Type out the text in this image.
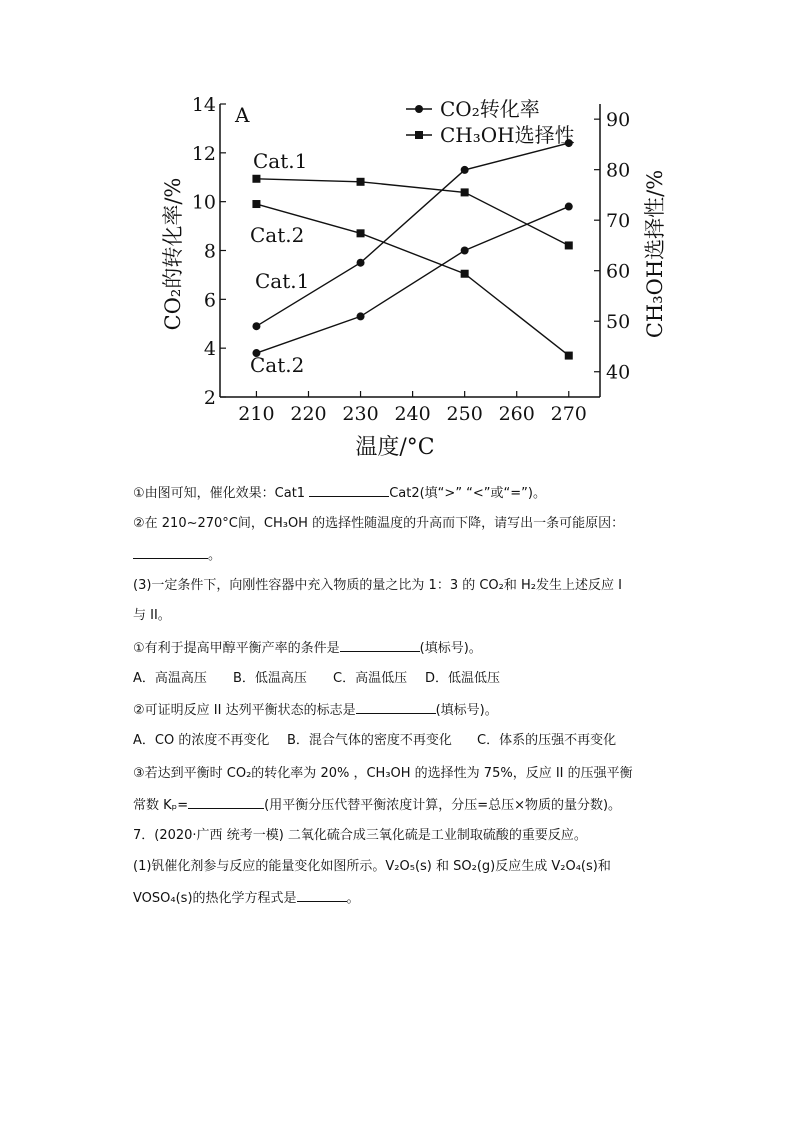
210 220 230 240 250 260 270
2
4
6
8
10
12
14
40
50
60
70
80
90
A
温度/°C
CO₂的转化率/%	CH₃OH选择性/%
CO₂转化率
CH₃OH选择性
Cat.1
Cat.2
Cat.1
Cat.2
①由图可知，催化效果：Cat1	Cat2(填“>” “<”或“=”)。
②在 210~270°C间，CH₃OH 的选择性随温度的升高而下降，请写出一条可能原因：
。
(3)一定条件下，向刚性容器中充入物质的量之比为 1：3 的 CO₂和 H₂发生上述反应 I
与 II。
①有利于提高甲醇平衡产率的条件是	(填标号)。
A．高温高压 B．低温高压 C．高温低压 D．低温低压
②可证明反应 II 达列平衡状态的标志是	(填标号)。
A．CO 的浓度不再变化 B．混合气体的密度不再变化 C．体系的压强不再变化
③若达到平衡时 CO₂的转化率为 20% ，CH₃OH 的选择性为 75%，反应 II 的压强平衡
常数 Kₚ=	(用平衡分压代替平衡浓度计算，分压=总压×物质的量分数)。
7．(2020·广西 统考一模) 二氧化硫合成三氧化硫是工业制取硫酸的重要反应。
(1)钒催化剂参与反应的能量变化如图所示。V₂O₅(s) 和 SO₂(g)反应生成 V₂O₄(s)和
VOSO₄(s)的热化学方程式是	。
